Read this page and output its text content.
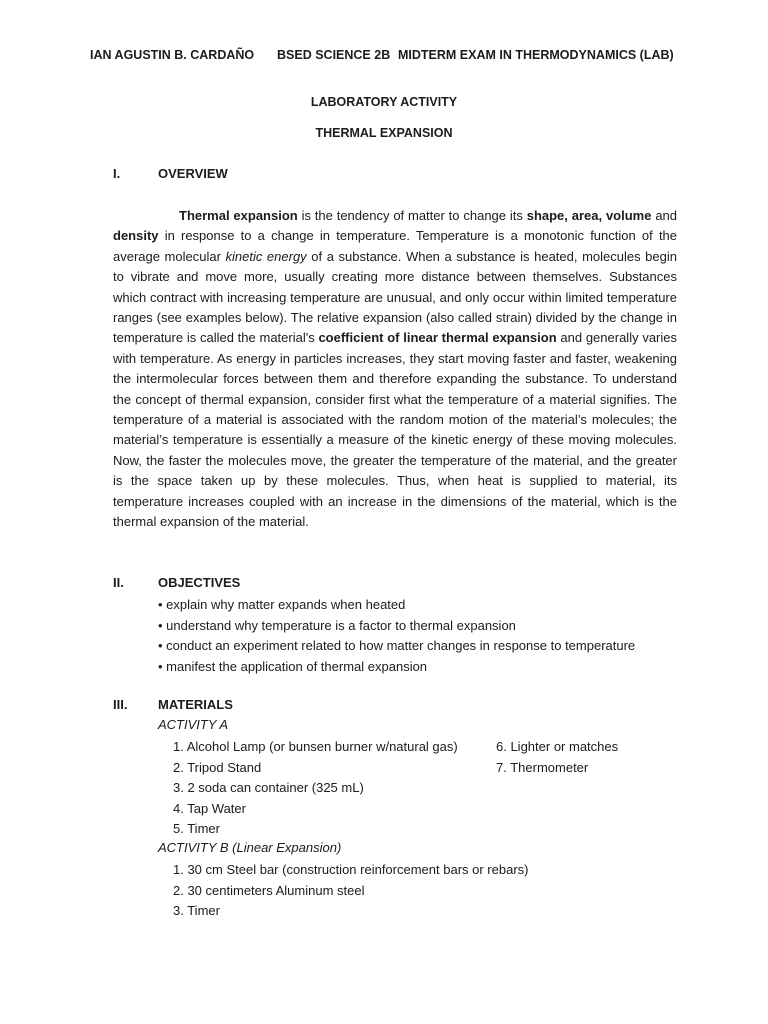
IAN AGUSTIN B. CARDAÑO BSED SCIENCE 2B MIDTERM EXAM IN THERMODYNAMICS (LAB)
LABORATORY ACTIVITY
THERMAL EXPANSION
I.	OVERVIEW
Thermal expansion is the tendency of matter to change its shape, area, volume and density in response to a change in temperature. Temperature is a monotonic function of the average molecular kinetic energy of a substance. When a substance is heated, molecules begin to vibrate and move more, usually creating more distance between themselves. Substances which contract with increasing temperature are unusual, and only occur within limited temperature ranges (see examples below). The relative expansion (also called strain) divided by the change in temperature is called the material's coefficient of linear thermal expansion and generally varies with temperature. As energy in particles increases, they start moving faster and faster, weakening the intermolecular forces between them and therefore expanding the substance. To understand the concept of thermal expansion, consider first what the temperature of a material signifies. The temperature of a material is associated with the random motion of the material’s molecules; the material’s temperature is essentially a measure of the kinetic energy of these moving molecules. Now, the faster the molecules move, the greater the temperature of the material, and the greater is the space taken up by these molecules. Thus, when heat is supplied to material, its temperature increases coupled with an increase in the dimensions of the material, which is the thermal expansion of the material.
II.	OBJECTIVES
• explain why matter expands when heated
• understand why temperature is a factor to thermal expansion
• conduct an experiment related to how matter changes in response to temperature
• manifest the application of thermal expansion
III. MATERIALS
ACTIVITY A
1. Alcohol Lamp (or bunsen burner w/natural gas)
2. Tripod Stand
3. 2 soda can container (325 mL)
4. Tap Water
5. Timer
6. Lighter or matches
7. Thermometer
ACTIVITY B (Linear Expansion)
1. 30 cm Steel bar (construction reinforcement bars or rebars)
2. 30 centimeters Aluminum steel
3. Timer
